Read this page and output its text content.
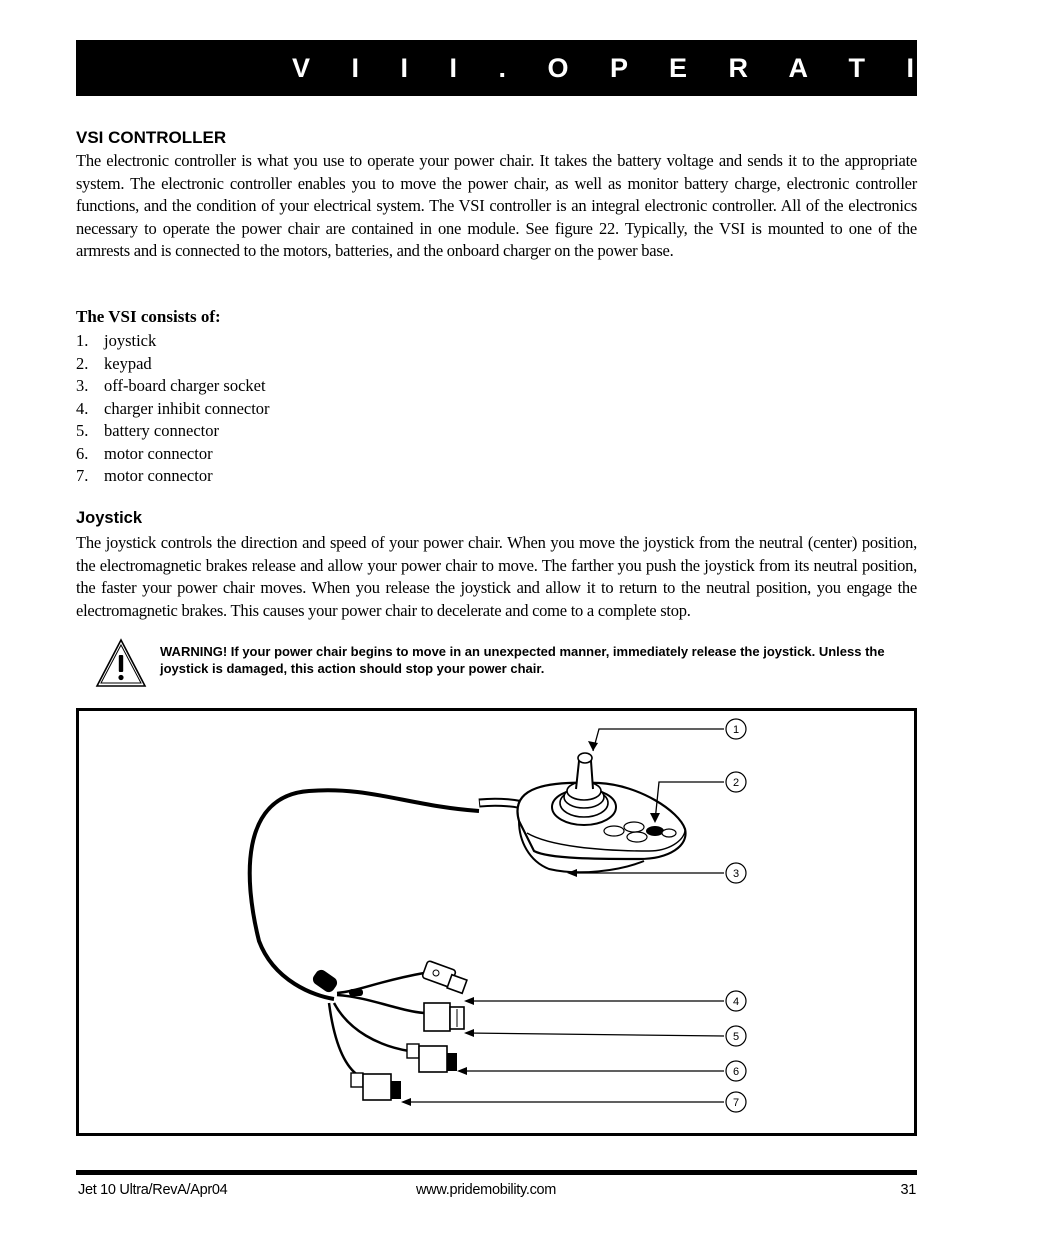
V I I I . O P E R A T I O N
VSI CONTROLLER

The electronic controller is what you use to operate your power chair. It takes the battery voltage and sends it to the appropriate system. The electronic controller enables you to move the power chair, as well as monitor battery charge, electronic controller functions, and the condition of your electrical system. The VSI controller is an integral electronic controller. All of the electronics necessary to operate the power chair are contained in one module. See figure 22. Typically, the VSI is mounted to one of the armrests and is connected to the motors, batteries, and the onboard charger on the power base.

The VSI consists of:
1. joystick
2. keypad
3. off-board charger socket
4. charger inhibit connector
5. battery connector
6. motor connector
7. motor connector
Joystick

The joystick controls the direction and speed of your power chair. When you move the joystick from the neutral (center) position, the electromagnetic brakes release and allow your power chair to move. The farther you push the joystick from its neutral position, the faster your power chair moves. When you release the joystick and allow it to return to the neutral position, you engage the electromagnetic brakes. This causes your power chair to decelerate and come to a complete stop.

WARNING! If your power chair begins to move in an unexpected manner, immediately release the joystick. Unless the joystick is damaged, this action should stop your power chair.

1
2
3
4
5
6
7

Jet 10 Ultra/RevA/Apr04	www.pridemobility.com	31
